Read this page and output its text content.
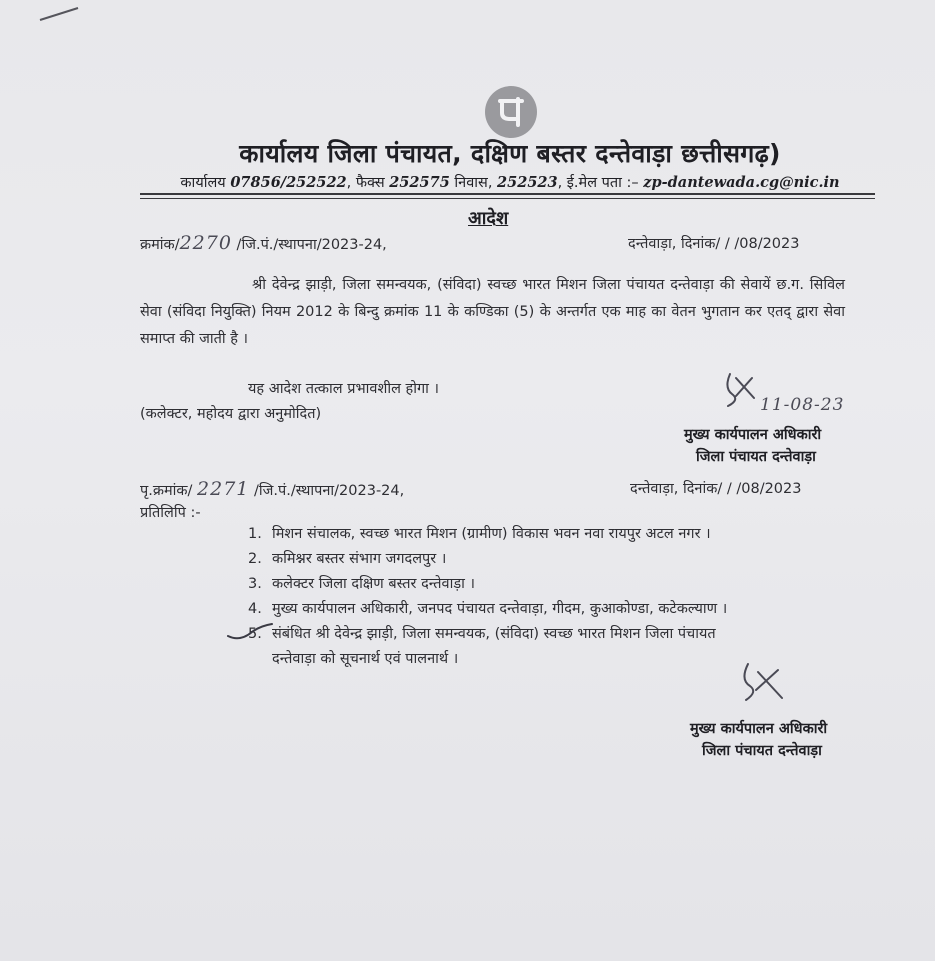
कार्यालय जिला पंचायत, दक्षिण बस्तर दन्तेवाड़ा छत्तीसगढ़)
कार्यालय 07856/252522, फैक्स 252575 निवास, 252523, ई.मेल पता :– zp-dantewada.cg@nic.in
आदेश
क्रमांक/2270 /जि.पं./स्थापना/2023-24,	दन्तेवाड़ा, दिनांक/ / /08/2023
श्री देवेन्द्र झाड़ी, जिला समन्वयक, (संविदा) स्वच्छ भारत मिशन जिला पंचायत दन्तेवाड़ा की सेवायें छ.ग. सिविल सेवा (संविदा नियुक्ति) नियम 2012 के बिन्दु क्रमांक 11 के कण्डिका (5) के अन्तर्गत एक माह का वेतन भुगतान कर एतद् द्वारा सेवा समाप्त की जाती है ।
यह आदेश तत्काल प्रभावशील होगा ।
(कलेक्टर, महोदय द्वारा अनुमोदित)	11-08-23
मुख्य कार्यपालन अधिकारी
जिला पंचायत दन्तेवाड़ा
पृ.क्रमांक/ 2271 /जि.पं./स्थापना/2023-24,	दन्तेवाड़ा, दिनांक/ / /08/2023
प्रतिलिपि :-
1. मिशन संचालक, स्वच्छ भारत मिशन (ग्रामीण) विकास भवन नवा रायपुर अटल नगर ।
2. कमिश्नर बस्तर संभाग जगदलपुर ।
3. कलेक्टर जिला दक्षिण बस्तर दन्तेवाड़ा ।
4. मुख्य कार्यपालन अधिकारी, जनपद पंचायत दन्तेवाड़ा, गीदम, कुआकोण्डा, कटेकल्याण ।
5. संबंधित श्री देवेन्द्र झाड़ी, जिला समन्वयक, (संविदा) स्वच्छ भारत मिशन जिला पंचायत
दन्तेवाड़ा को सूचनार्थ एवं पालनार्थ ।
मुख्य कार्यपालन अधिकारी
जिला पंचायत दन्तेवाड़ा
